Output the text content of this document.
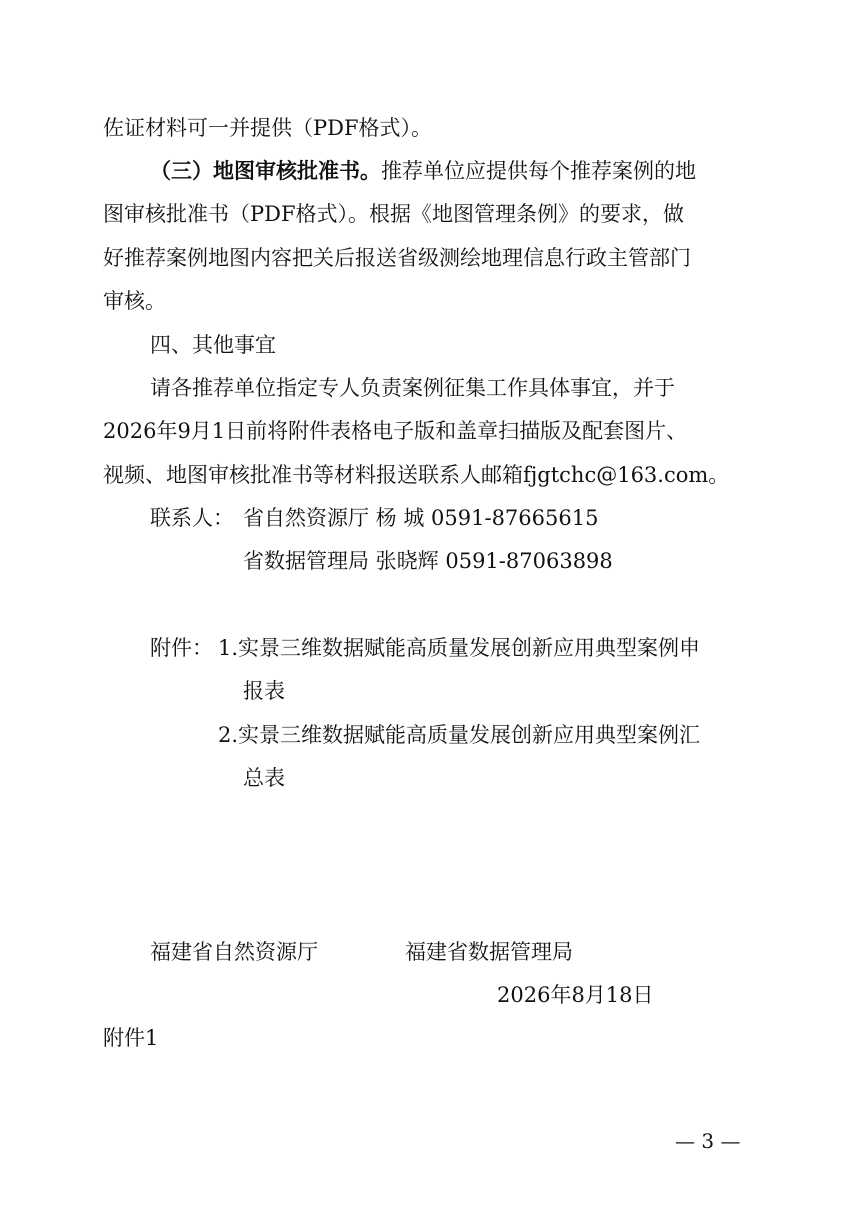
佐证材料可一并提供（PDF格式）。
（三）地图审核批准书。推荐单位应提供每个推荐案例的地
图审核批准书（PDF格式）。根据《地图管理条例》的要求，做
好推荐案例地图内容把关后报送省级测绘地理信息行政主管部门
审核。
四、其他事宜
请各推荐单位指定专人负责案例征集工作具体事宜，并于
2026年9月1日前将附件表格电子版和盖章扫描版及配套图片、
视频、地图审核批准书等材料报送联系人邮箱fjgtchc@163.com。
联系人： 省自然资源厅 杨 城 0591-87665615
省数据管理局 张晓辉 0591-87063898
附件： 1.实景三维数据赋能高质量发展创新应用典型案例申
报表
2.实景三维数据赋能高质量发展创新应用典型案例汇
总表
福建省自然资源厅	福建省数据管理局
2026年8月18日
附件1
— 3 —
